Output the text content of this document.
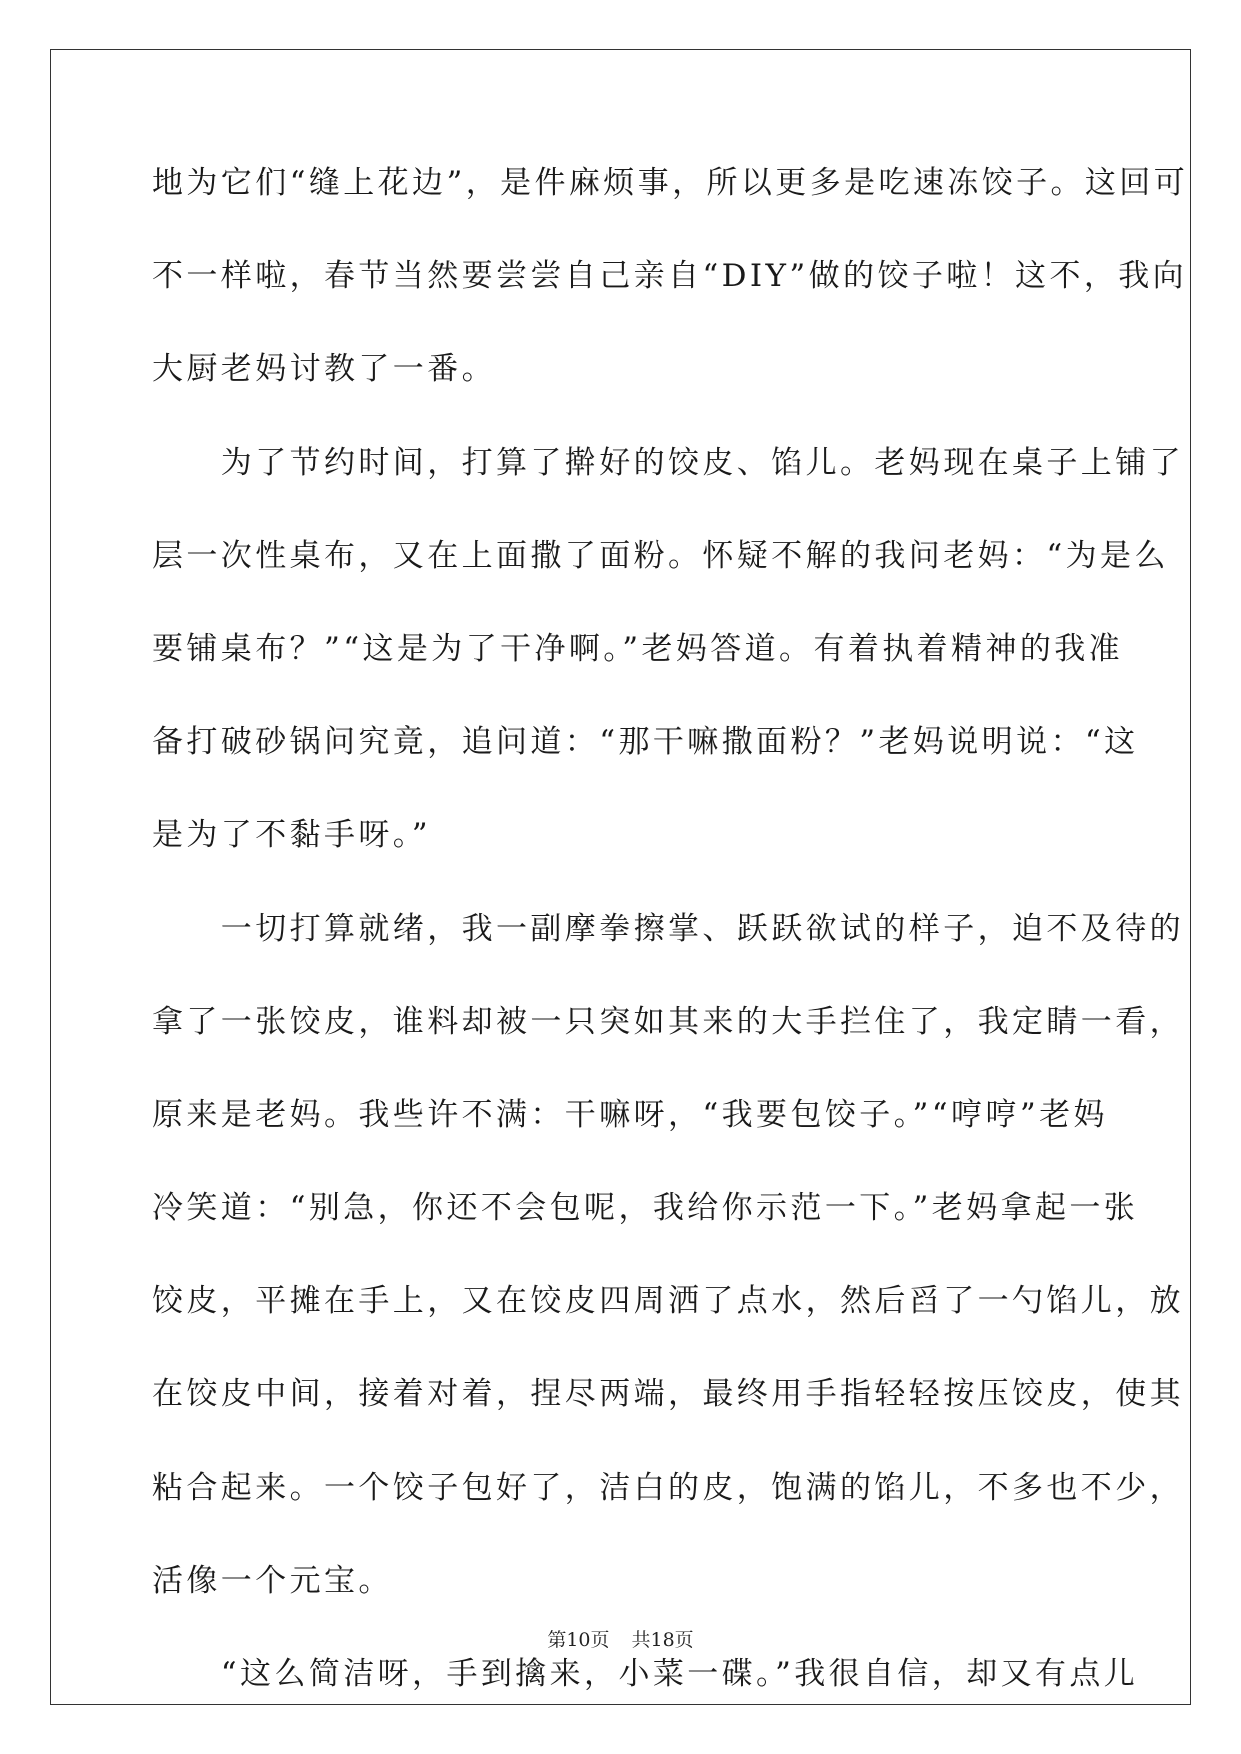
地为它们“缝上花边”，是件麻烦事，所以更多是吃速冻饺子。这回可
不一样啦，春节当然要尝尝自己亲自“DIY”做的饺子啦！这不，我向
大厨老妈讨教了一番。
　　为了节约时间，打算了擀好的饺皮、馅儿。老妈现在桌子上铺了
层一次性桌布，又在上面撒了面粉。怀疑不解的我问老妈：“为是么
要铺桌布？”“这是为了干净啊。”老妈答道。有着执着精神的我准
备打破砂锅问究竟，追问道：“那干嘛撒面粉？”老妈说明说：“这
是为了不黏手呀。”
　　一切打算就绪，我一副摩拳擦掌、跃跃欲试的样子，迫不及待的
拿了一张饺皮，谁料却被一只突如其来的大手拦住了，我定睛一看，
原来是老妈。我些许不满：干嘛呀，“我要包饺子。”“哼哼”老妈
冷笑道：“别急，你还不会包呢，我给你示范一下。”老妈拿起一张
饺皮，平摊在手上，又在饺皮四周洒了点水，然后舀了一勺馅儿，放
在饺皮中间，接着对着，捏尽两端，最终用手指轻轻按压饺皮，使其
粘合起来。一个饺子包好了，洁白的皮，饱满的馅儿，不多也不少，
活像一个元宝。
　　“这么简洁呀，手到擒来，小菜一碟。”我很自信，却又有点儿
第10页 共18页
